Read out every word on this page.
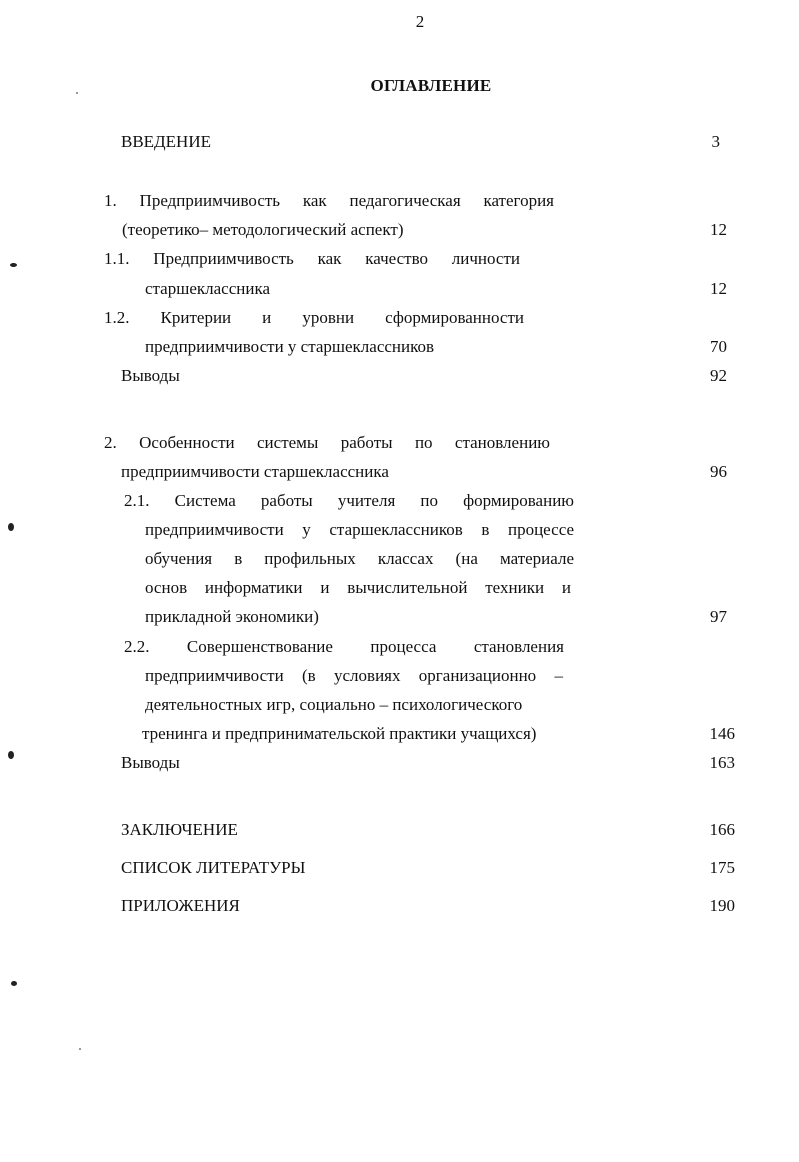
2
ОГЛАВЛЕНИЕ
ВВЕДЕНИЕ	3
1. Предприимчивость как педагогическая категория
(теоретико– методологический аспект)	12
1.1. Предприимчивость как качество личности
старшеклассника	12
1.2. Критерии и уровни сформированности
предприимчивости у старшеклассников	70
Выводы	92
2. Особенности системы работы по становлению
предприимчивости старшеклассника	96
2.1. Система работы учителя по формированию
предприимчивости у старшеклассников в процессе
обучения в профильных классах (на материале
основ информатики и вычислительной техники и
прикладной экономики)	97
2.2. Совершенствование процесса становления
предприимчивости (в условиях организационно –
деятельностных игр, социально – психологического
тренинга и предпринимательской практики учащихся)	146
Выводы	163
ЗАКЛЮЧЕНИЕ	166
СПИСОК ЛИТЕРАТУРЫ	175
ПРИЛОЖЕНИЯ	190
